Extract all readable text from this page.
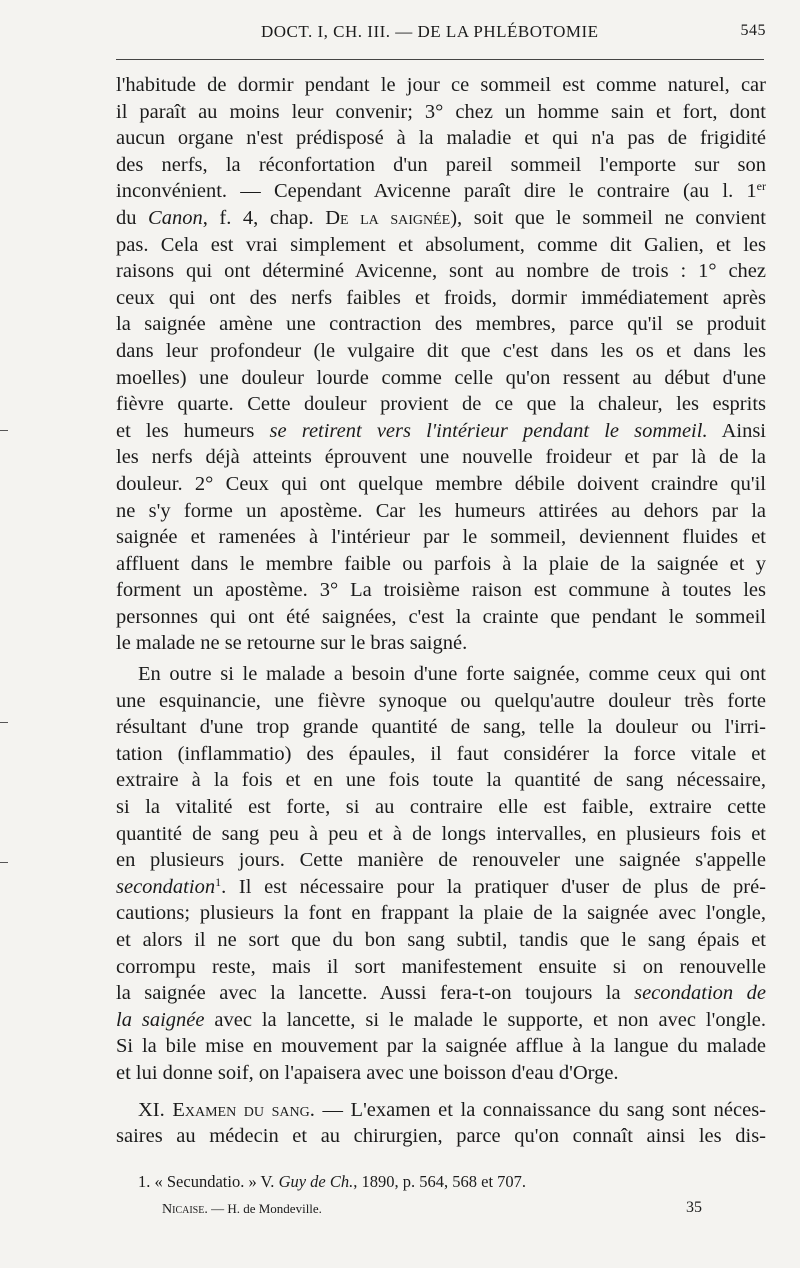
DOCT. I, CH. III. — DE LA PHLÉBOTOMIE	545
l'habitude de dormir pendant le jour ce sommeil est comme naturel, car
il paraît au moins leur convenir; 3° chez un homme sain et fort, dont
aucun organe n'est prédisposé à la maladie et qui n'a pas de frigidité
des nerfs, la réconfortation d'un pareil sommeil l'emporte sur son
inconvénient. — Cependant Avicenne paraît dire le contraire (au l. 1er
du Canon, f. 4, chap. De la saignée), soit que le sommeil ne convient
pas. Cela est vrai simplement et absolument, comme dit Galien, et les
raisons qui ont déterminé Avicenne, sont au nombre de trois : 1° chez
ceux qui ont des nerfs faibles et froids, dormir immédiatement après
la saignée amène une contraction des membres, parce qu'il se produit
dans leur profondeur (le vulgaire dit que c'est dans les os et dans les
moelles) une douleur lourde comme celle qu'on ressent au début d'une
fièvre quarte. Cette douleur provient de ce que la chaleur, les esprits
et les humeurs se retirent vers l'intérieur pendant le sommeil. Ainsi
les nerfs déjà atteints éprouvent une nouvelle froideur et par là de la
douleur. 2° Ceux qui ont quelque membre débile doivent craindre qu'il
ne s'y forme un apostème. Car les humeurs attirées au dehors par la
saignée et ramenées à l'intérieur par le sommeil, deviennent fluides et
affluent dans le membre faible ou parfois à la plaie de la saignée et y
forment un apostème. 3° La troisième raison est commune à toutes les
personnes qui ont été saignées, c'est la crainte que pendant le sommeil
le malade ne se retourne sur le bras saigné.
En outre si le malade a besoin d'une forte saignée, comme ceux qui ont
une esquinancie, une fièvre synoque ou quelqu'autre douleur très forte
résultant d'une trop grande quantité de sang, telle la douleur ou l'irri-
tation (inflammatio) des épaules, il faut considérer la force vitale et
extraire à la fois et en une fois toute la quantité de sang nécessaire,
si la vitalité est forte, si au contraire elle est faible, extraire cette
quantité de sang peu à peu et à de longs intervalles, en plusieurs fois et
en plusieurs jours. Cette manière de renouveler une saignée s'appelle
secondation$^1$. Il est nécessaire pour la pratiquer d'user de plus de pré-
cautions; plusieurs la font en frappant la plaie de la saignée avec l'ongle,
et alors il ne sort que du bon sang subtil, tandis que le sang épais et
corrompu reste, mais il sort manifestement ensuite si on renouvelle
la saignée avec la lancette. Aussi fera-t-on toujours la secondation de
la saignée avec la lancette, si le malade le supporte, et non avec l'ongle.
Si la bile mise en mouvement par la saignée afflue à la langue du malade
et lui donne soif, on l'apaisera avec une boisson d'eau d'Orge.
XI. Examen du sang. — L'examen et la connaissance du sang sont néces-
saires au médecin et au chirurgien, parce qu'on connaît ainsi les dis-
1. « Secundatio. » V. Guy de Ch., 1890, p. 564, 568 et 707.
Nicaise. — H. de Mondeville.	35
